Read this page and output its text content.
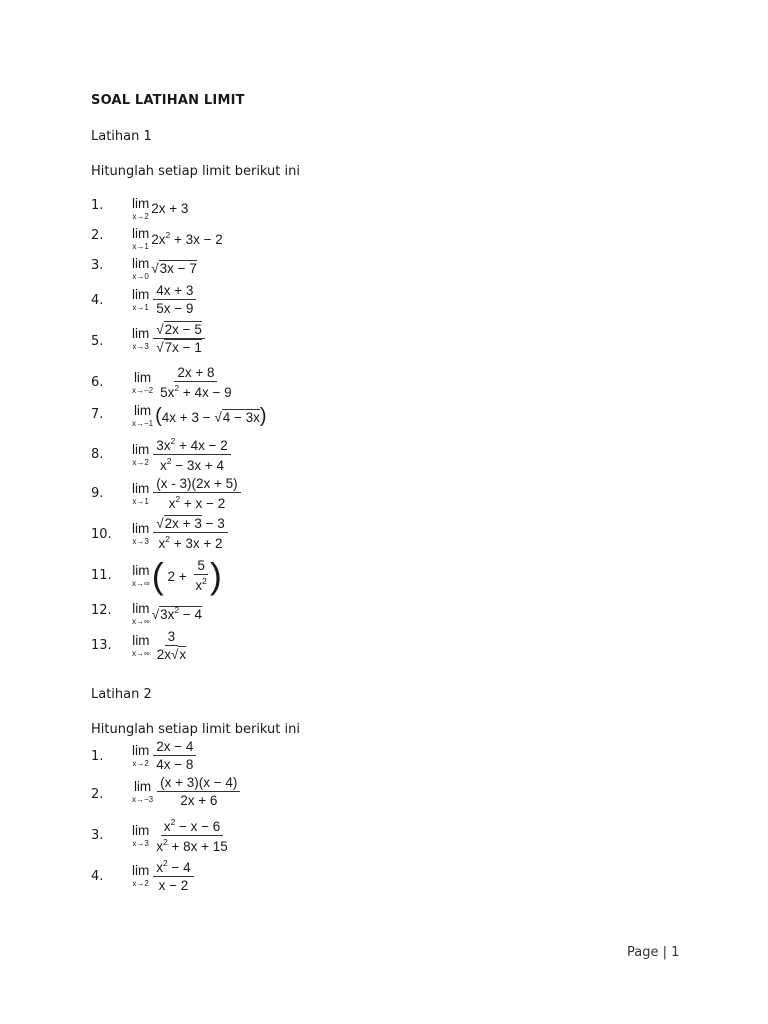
SOAL LATIHAN LIMIT
Latihan 1
Hitunglah setiap limit berikut ini
1. lim
x→2 2x + 3
2. lim
x→1 $2x^2 + 3x - 2$
3. lim
x→0 √3x − 7
4. lim
$x\to 1 \frac{4x + 3}{5x - 9}$
5.
lim
$x\to 3 \frac{√2x - 5}{√7x - 1}$
6. lim
$x\to-2 \frac{2x + 8}{5x^2 + 4x - 9}$
7. lim
x→−1 (4x + 3 − √4 − 3x)
8. lim
$x\to 2 \frac{3x^2 + 4x - 2}{x^2 - 3x + 4}$
9. lim
$x\to 1 \frac{(x - 3)(2x + 5)}{x^2 + x - 2}$
10. lim
$x\to 3 \frac{√2x + 3 - 3}{x^2 + 3x + 2}$
11. lim
x→∞ ( $2 + \frac{5}{x^2}$ )
12. lim
x→∞ $√3x^2 - 4$
13. lim
$x\to\infty \frac{3}{2x√x}$
Latihan 2
Hitunglah setiap limit berikut ini
1. lim
$x\to 2 \frac{2x - 4}{4x - 8}$
2.
lim
$x\to-3 \frac{(x + 3)(x - 4)}{2x + 6}$
3. lim
$x\to 3 \frac{x^2 - x - 6}{x^2 + 8x + 15}$
4. lim
$x\to 2 \frac{x^2 - 4}{x - 2}$
Page | 1
